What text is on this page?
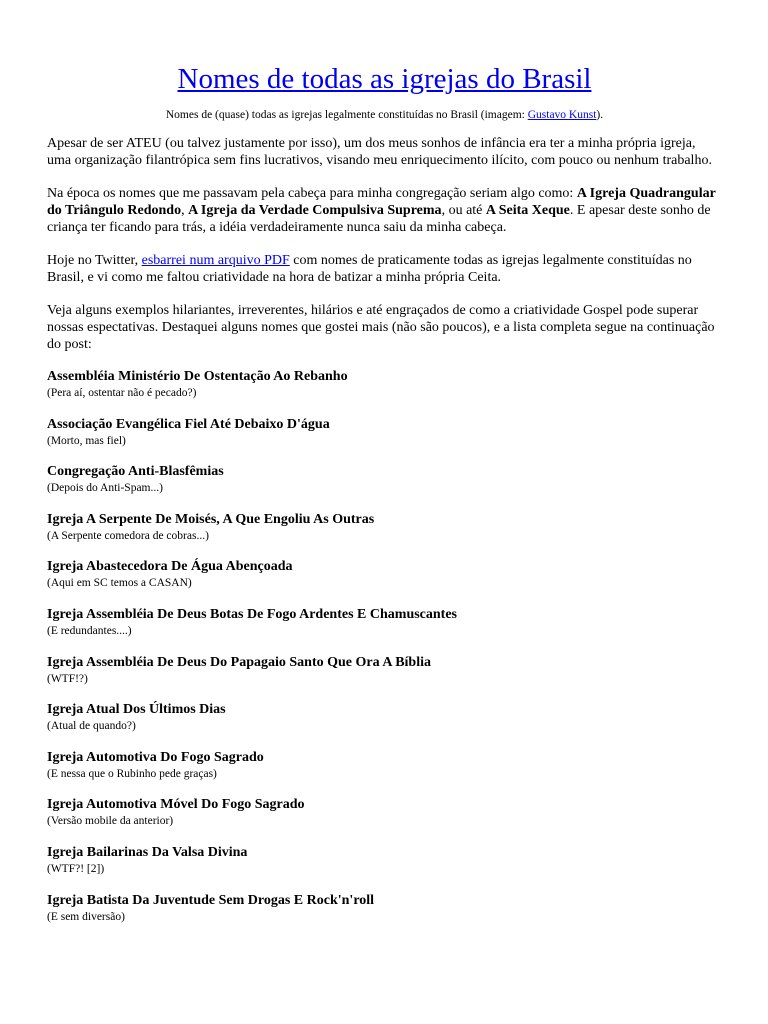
Nomes de todas as igrejas do Brasil

Nomes de (quase) todas as igrejas legalmente constituídas no Brasil (imagem: Gustavo Kunst).

Apesar de ser ATEU (ou talvez justamente por isso), um dos meus sonhos de infância era ter a minha própria igreja, uma organização filantrópica sem fins lucrativos, visando meu enriquecimento ilícito, com pouco ou nenhum trabalho.

Na época os nomes que me passavam pela cabeça para minha congregação seriam algo como: A Igreja Quadrangular do Triângulo Redondo, A Igreja da Verdade Compulsiva Suprema, ou até A Seita Xeque. E apesar deste sonho de criança ter ficando para trás, a idéia verdadeiramente nunca saiu da minha cabeça.

Hoje no Twitter, esbarrei num arquivo PDF com nomes de praticamente todas as igrejas legalmente constituídas no Brasil, e vi como me faltou criatividade na hora de batizar a minha própria Ceita.

Veja alguns exemplos hilariantes, irreverentes, hilários e até engraçados de como a criatividade Gospel pode superar nossas espectativas. Destaquei alguns nomes que gostei mais (não são poucos), e a lista completa segue na continuação do post:

Assembléia Ministério De Ostentação Ao Rebanho

(Pera aí, ostentar não é pecado?)

Associação Evangélica Fiel Até Debaixo D'água

(Morto, mas fiel)

Congregação Anti-Blasfêmias

(Depois do Anti-Spam...)

Igreja A Serpente De Moisés, A Que Engoliu As Outras

(A Serpente comedora de cobras...)

Igreja Abastecedora De Água Abençoada

(Aqui em SC temos a CASAN)

Igreja Assembléia De Deus Botas De Fogo Ardentes E Chamuscantes

(E redundantes....)

Igreja Assembléia De Deus Do Papagaio Santo Que Ora A Bíblia

(WTF!?)

Igreja Atual Dos Últimos Dias

(Atual de quando?)

Igreja Automotiva Do Fogo Sagrado

(E nessa que o Rubinho pede graças)

Igreja Automotiva Móvel Do Fogo Sagrado

(Versão mobile da anterior)

Igreja Bailarinas Da Valsa Divina

(WTF?! [2])

Igreja Batista Da Juventude Sem Drogas E Rock'n'roll

(E sem diversão)
